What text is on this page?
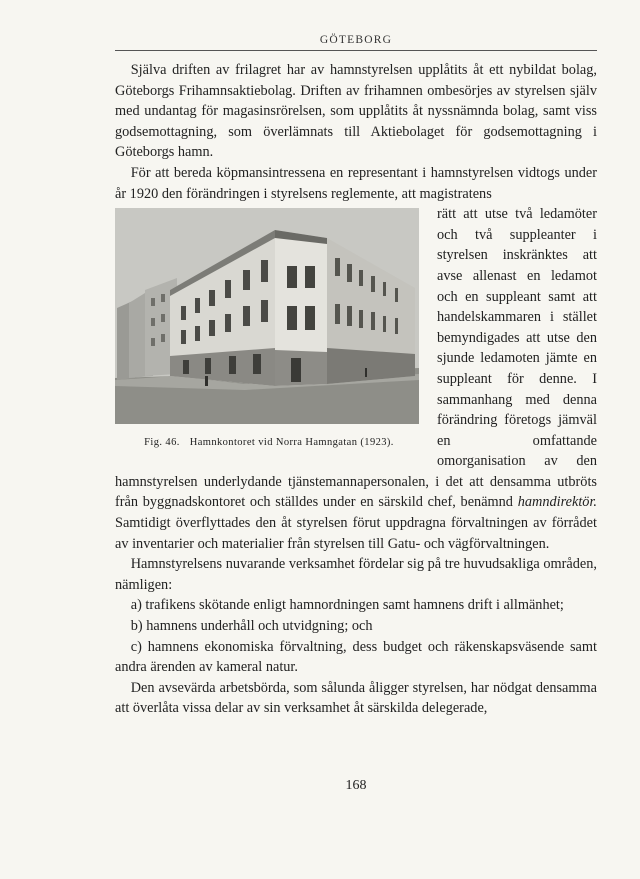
GÖTEBORG

Själva driften av frilagret har av hamnstyrelsen upplåtits åt ett nybildat bolag, Göteborgs Frihamnsaktiebolag. Driften av frihamnen ombesörjes av styrelsen själv med undantag för magasinsrörelsen, som upplåtits åt nyssnämnda bolag, samt viss godsemottagning, som överlämnats till Aktiebolaget för godsemottagning i Göteborgs hamn.

För att bereda köpmansintressena en representant i hamnstyrelsen vidtogs under år 1920 den förändringen i styrelsens reglemente, att magistratens

Fig. 46. Hamnkontoret vid Norra Hamngatan (1923).

rätt att utse två ledamöter och två suppleanter i styrelsen inskränktes att avse allenast en ledamot och en suppleant samt att handelskammaren i stället bemyndigades att utse den sjunde ledamoten jämte en suppleant för denne. I sammanhang med denna förändring företogs jämväl en omfattande omorganisation av den hamnstyrelsen underlydande tjänstemannapersonalen, i det att densamma utbröts från byggnadskontoret och ställdes under en särskild chef, benämnd hamndirektör. Samtidigt överflyttades den åt styrelsen förut uppdragna förvaltningen av förrådet av inventarier och materialier från styrelsen till Gatu- och vägförvaltningen.

Hamnstyrelsens nuvarande verksamhet fördelar sig på tre huvudsakliga områden, nämligen:

a) trafikens skötande enligt hamnordningen samt hamnens drift i allmänhet;

b) hamnens underhåll och utvidgning; och

c) hamnens ekonomiska förvaltning, dess budget och räkenskapsväsende samt andra ärenden av kameral natur.

Den avsevärda arbetsbörda, som sålunda åligger styrelsen, har nödgat densamma att överlåta vissa delar av sin verksamhet åt särskilda delegerade,

168
